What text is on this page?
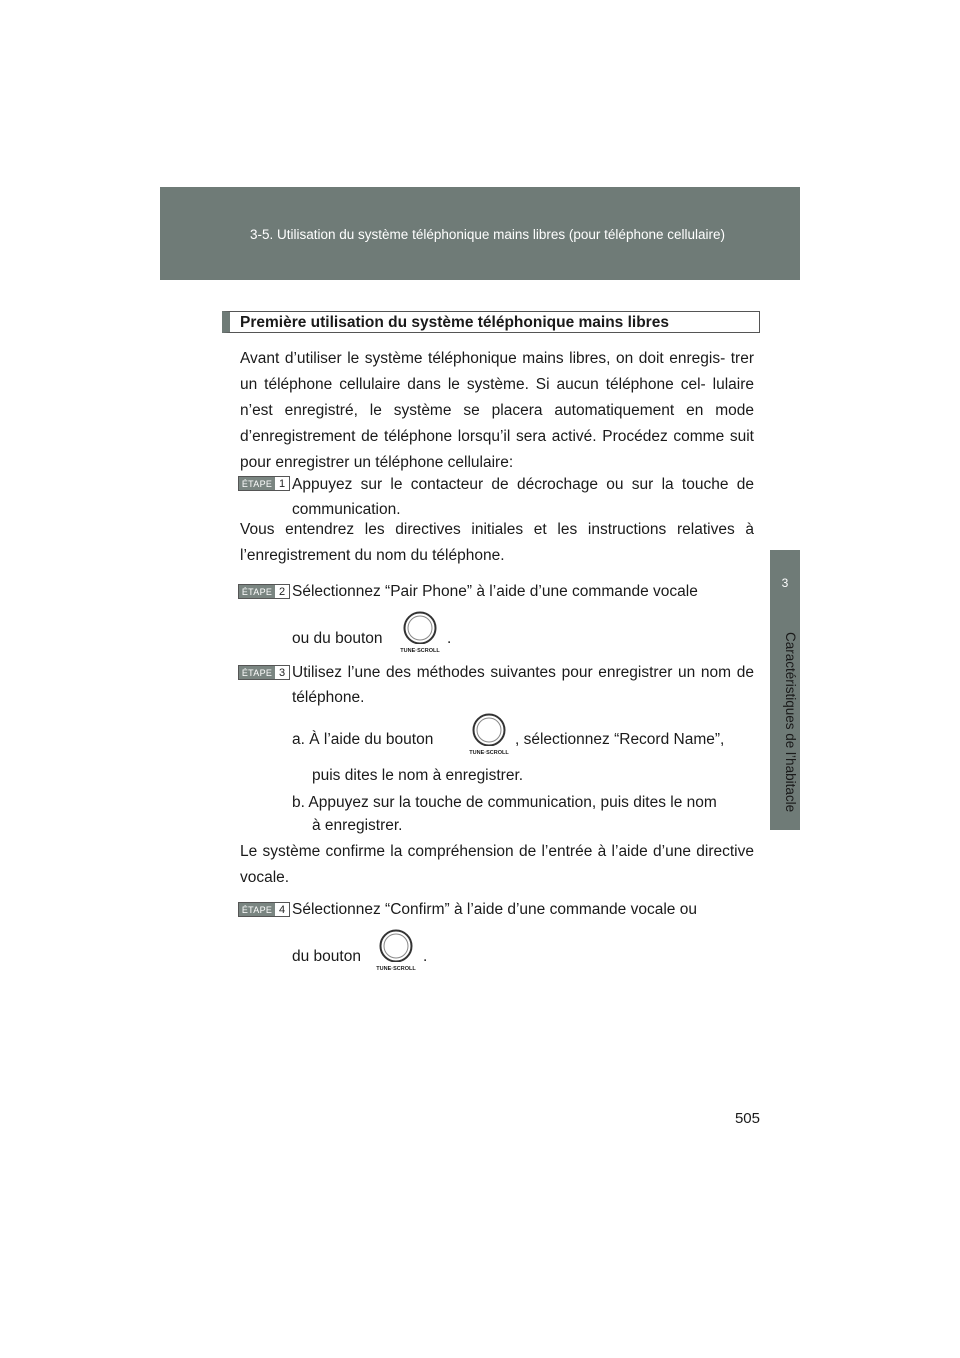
3-5. Utilisation du système téléphonique mains libres (pour téléphone cellulaire)
3
Caractéristiques de l’habitacle
Première utilisation du système téléphonique mains libres

Avant d’utiliser le système téléphonique mains libres, on doit enregis- trer un téléphone cellulaire dans le système. Si aucun téléphone cel- lulaire n’est enregistré, le système se placera automatiquement en mode d’enregistrement de téléphone lorsqu’il sera activé. Procédez comme suit pour enregistrer un téléphone cellulaire:

ÉTAPE 1 Appuyez sur le contacteur de décrochage ou sur la touche de communication.

Vous entendrez les directives initiales et les instructions relatives à l’enregistrement du nom du téléphone.

ÉTAPE 2 Sélectionnez “Pair Phone” à l’aide d’une commande vocale

ou du bouton
TUNE·SCROLL
.
ÉTAPE 3 Utilisez l’une des méthodes suivantes pour enregistrer un nom de téléphone.

a. À l’aide du bouton
TUNE·SCROLL
, sélectionnez “Record Name”,
puis dites le nom à enregistrer.
b. Appuyez sur la touche de communication, puis dites le nom
à enregistrer.

Le système confirme la compréhension de l’entrée à l’aide d’une directive vocale.

ÉTAPE 4 Sélectionnez “Confirm” à l’aide d’une commande vocale ou

du bouton
TUNE·SCROLL
.
505
